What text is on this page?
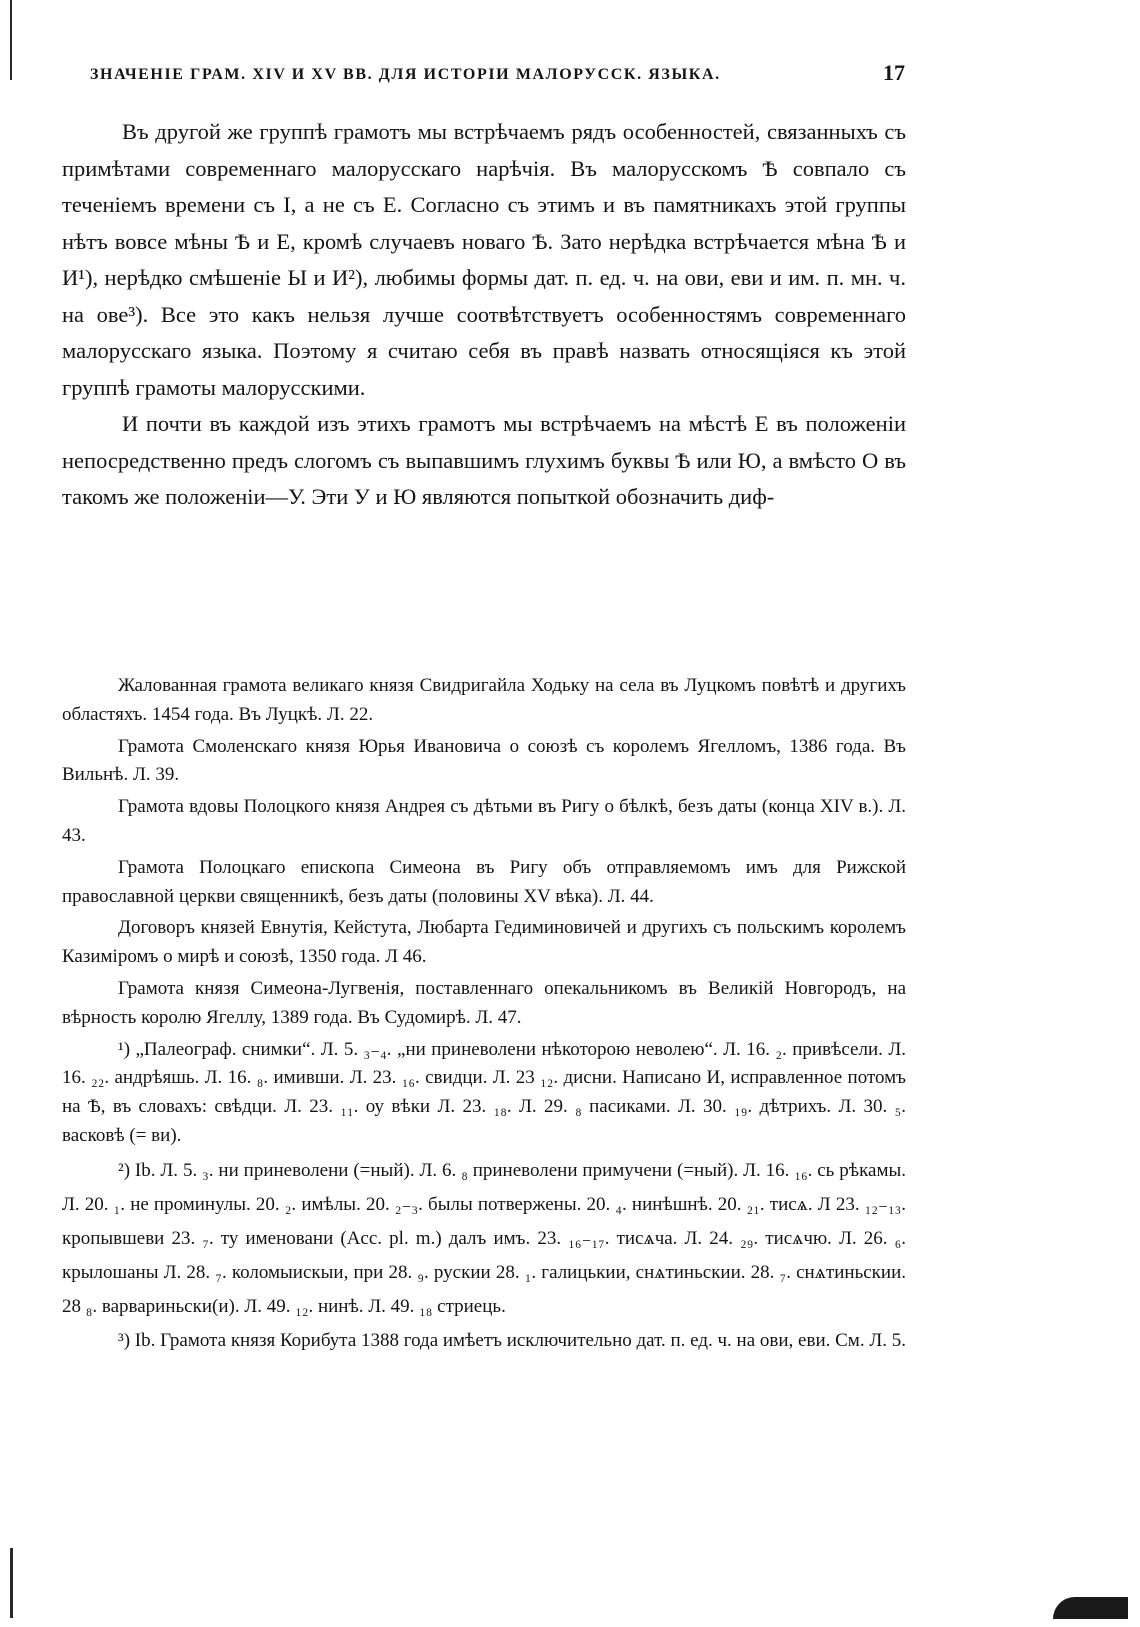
ЗНАЧЕНІЕ ГРАМ. XIV И XV ВВ. ДЛЯ ИСТОРІИ МАЛОРУССК. ЯЗЫКА.	17

Въ другой же группѣ грамотъ мы встрѣчаемъ рядъ особенностей, связанныхъ съ примѣтами современнаго малорусскаго нарѣчія. Въ малорусскомъ Ѣ совпало съ теченіемъ времени съ І, а не съ Е. Согласно съ этимъ и въ памятникахъ этой группы нѣтъ вовсе мѣны Ѣ и Е, кромѣ случаевъ новаго Ѣ. Зато нерѣдка встрѣчается мѣна Ѣ и И¹), нерѣдко смѣшеніе Ы и И²), любимы формы дат. п. ед. ч. на ови, еви и им. п. мн. ч. на ове³). Все это какъ нельзя лучше соотвѣтствуетъ особенностямъ современнаго малорусскаго языка. Поэтому я считаю себя въ правѣ назвать относящіяся къ этой группѣ грамоты малорусскими.

И почти въ каждой изъ этихъ грамотъ мы встрѣчаемъ на мѣстѣ Е въ положеніи непосредственно предъ слогомъ съ выпавшимъ глухимъ буквы Ѣ или Ю, а вмѣсто О въ такомъ же положеніи—У. Эти У и Ю являются попыткой обозначить диф-

Жалованная грамота великаго князя Свидригайла Ходьку на села въ Луцкомъ повѣтѣ и другихъ областяхъ. 1454 года. Въ Луцкѣ. Л. 22.

Грамота Смоленскаго князя Юрья Ивановича о союзѣ съ королемъ Ягелломъ, 1386 года. Въ Вильнѣ. Л. 39.

Грамота вдовы Полоцкого князя Андрея съ дѣтьми въ Ригу о бѣлкѣ, безъ даты (конца XIV в.). Л. 43.

Грамота Полоцкаго епископа Симеона въ Ригу объ отправляемомъ имъ для Рижской православной церкви священникѣ, безъ даты (половины XV вѣка). Л. 44.

Договоръ князей Евнутія, Кейстута, Любарта Гедиминовичей и другихъ съ польскимъ королемъ Казиміромъ о мирѣ и союзѣ, 1350 года. Л 46.

Грамота князя Симеона-Лугвенія, поставленнаго опекальникомъ въ Великій Новгородъ, на вѣрность королю Ягеллу, 1389 года. Въ Судомирѣ. Л. 47.

¹) „Палеограф. снимки“. Л. 5. ₃₋₄. „ни приневолени нѣкоторою неволею“. Л. 16. ₂. привѣсели. Л. 16. ₂₂. андрѣяшь. Л. 16. ₈. имивши. Л. 23. ₁₆. свидци. Л. 23 ₁₂. дисни. Написано И, исправленное потомъ на Ѣ, въ словахъ: свѣдци. Л. 23. ₁₁. оу вѣки Л. 23. ₁₈. Л. 29. ₈ пасиками. Л. 30. ₁₉. дѣтрихъ. Л. 30. ₅. васковѣ (= ви).

²) Ib. Л. 5. ₃. ни приневолени (=ный). Л. 6. ₈ приневолени примучени (=ный). Л. 16. ₁₆. сь рѣкамы. Л. 20. ₁. не проминулы. 20. ₂. имѣлы. 20. ₂₋₃. былы потвержены. 20. ₄. нинѣшнѣ. 20. ₂₁. тисѧ. Л 23. ₁₂₋₁₃. кропывшеви 23. ₇. ту именовани (Acc. pl. m.) далъ имъ. 23. ₁₆₋₁₇. тисѧча. Л. 24. ₂₉. тисѧчю. Л. 26. ₆. крылошаны Л. 28. ₇. коломыискыи, при 28. ₉. рускии 28. ₁. галицькии, снѧтиньскии. 28. ₇. снѧтиньскии. 28 ₈. варвариньски(и). Л. 49. ₁₂. нинѣ. Л. 49. ₁₈ стриець.

³) Ib. Грамота князя Корибута 1388 года имѣетъ исключительно дат. п. ед. ч. на ови, еви. См. Л. 5.
